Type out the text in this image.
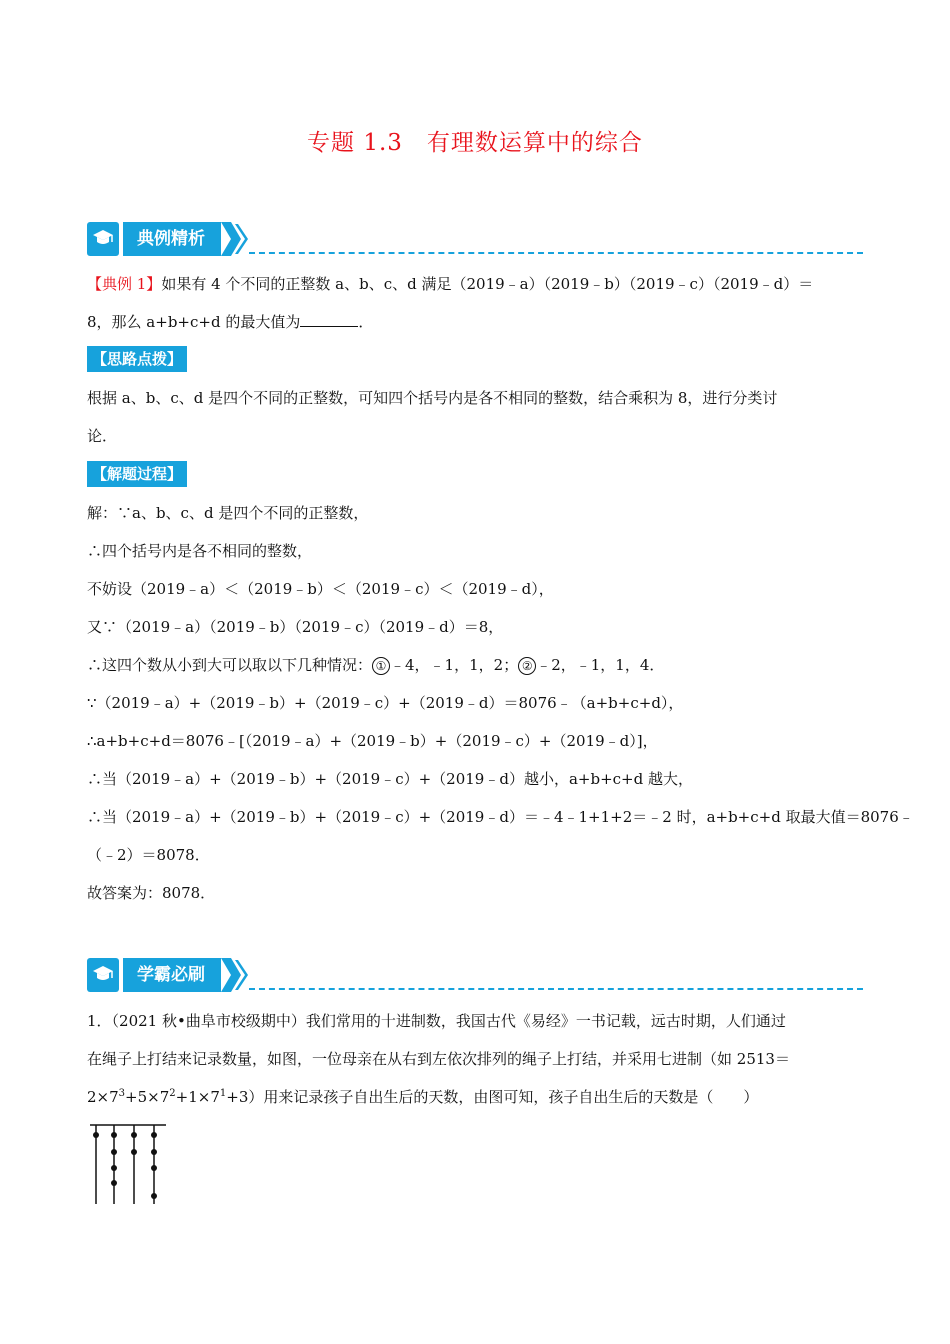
专题 1.3　有理数运算中的综合
典例精析
【典例 1】如果有 4 个不同的正整数 a、b、c、d 满足（2019﹣a）（2019﹣b）（2019﹣c）（2019﹣d）＝
8，那么 a+b+c+d 的最大值为	．
【思路点拨】
根据 a、b、c、d 是四个不同的正整数，可知四个括号内是各不相同的整数，结合乘积为 8，进行分类讨
论．
【解题过程】
解：∵a、b、c、d 是四个不同的正整数，
∴四个括号内是各不相同的整数，
不妨设（2019﹣a）＜（2019﹣b）＜（2019﹣c）＜（2019﹣d），
又∵（2019﹣a）（2019﹣b）（2019﹣c）（2019﹣d）＝8，
∴这四个数从小到大可以取以下几种情况： ① ﹣4，﹣1，1，2； ② ﹣2，﹣1，1，4．
∵（2019﹣a）+（2019﹣b）+（2019﹣c）+（2019﹣d）＝8076﹣（a+b+c+d），
∴a+b+c+d＝8076﹣[（2019﹣a）+（2019﹣b）+（2019﹣c）+（2019﹣d）]，
∴当（2019﹣a）+（2019﹣b）+（2019﹣c）+（2019﹣d）越小，a+b+c+d 越大，
∴当（2019﹣a）+（2019﹣b）+（2019﹣c）+（2019﹣d）＝﹣4﹣1+1+2＝﹣2 时，a+b+c+d 取最大值＝8076﹣
（﹣2）＝8078．
故答案为：8078．
学霸必刷
1．（2021 秋•曲阜市校级期中）我们常用的十进制数，我国古代《易经》一书记载，远古时期，人们通过
在绳子上打结来记录数量，如图，一位母亲在从右到左依次排列的绳子上打结，并采用七进制（如 2513＝
$2\times 7^3+5\times 7^2+1\times 7^1+3$）用来记录孩子自出生后的天数，由图可知，孩子自出生后的天数是（　　）
